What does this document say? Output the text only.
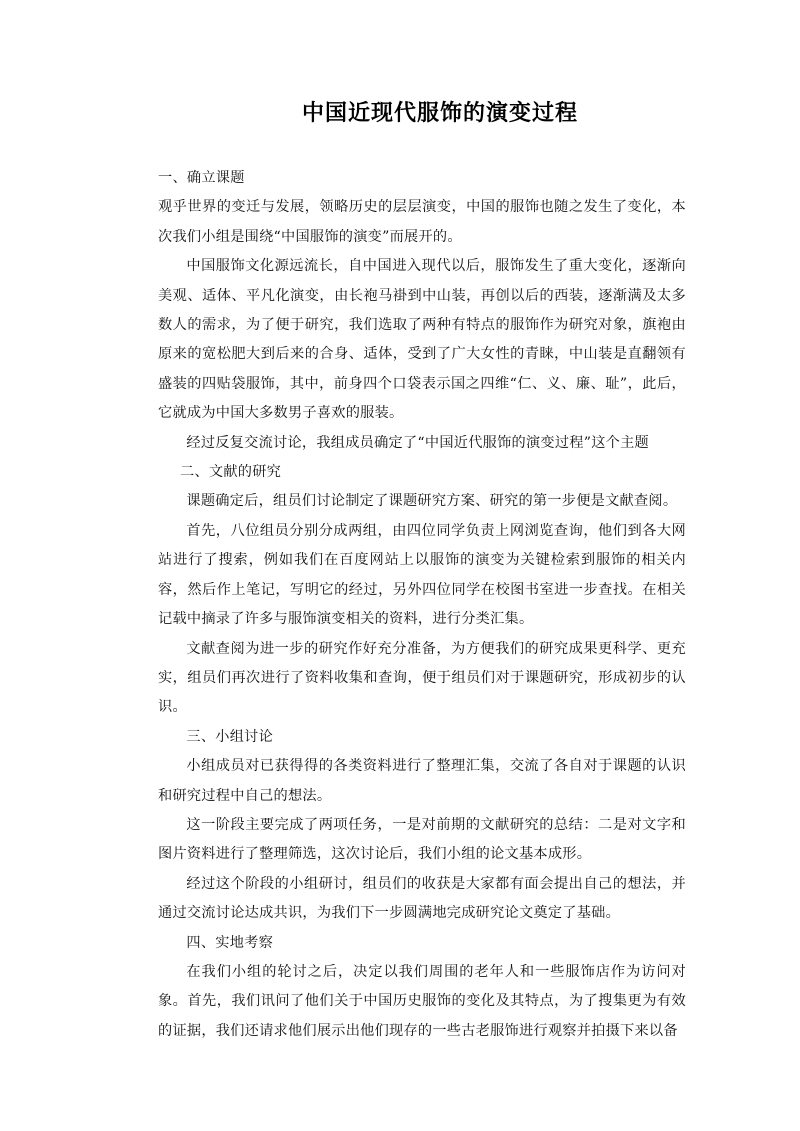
中国近现代服饰的演变过程

一、确立课题

观乎世界的变迁与发展，领略历史的层层演变，中国的服饰也随之发生了变化，本次我们小组是围绕“中国服饰的演变”而展开的。

中国服饰文化源远流长，自中国进入现代以后，服饰发生了重大变化，逐渐向美观、适体、平凡化演变，由长袍马褂到中山装，再创以后的西装，逐渐满及太多数人的需求，为了便于研究，我们选取了两种有特点的服饰作为研究对象，旗袍由原来的宽松肥大到后来的合身、适体，受到了广大女性的青睐，中山装是直翻领有盛装的四贴袋服饰，其中，前身四个口袋表示国之四维“仁、义、廉、耻”，此后，它就成为中国大多数男子喜欢的服装。

经过反复交流讨论，我组成员确定了“中国近代服饰的演变过程”这个主题

二、文献的研究

课题确定后，组员们讨论制定了课题研究方案、研究的第一步便是文献查阅。

首先，八位组员分别分成两组，由四位同学负责上网浏览查询，他们到各大网站进行了搜索，例如我们在百度网站上以服饰的演变为关键检索到服饰的相关内容，然后作上笔记，写明它的经过，另外四位同学在校图书室进一步查找。在相关记载中摘录了许多与服饰演变相关的资料，进行分类汇集。

文献查阅为进一步的研究作好充分准备，为方便我们的研究成果更科学、更充实，组员们再次进行了资料收集和查询，便于组员们对于课题研究，形成初步的认识。

三、小组讨论

小组成员对已获得得的各类资料进行了整理汇集，交流了各自对于课题的认识和研究过程中自己的想法。

这一阶段主要完成了两项任务，一是对前期的文献研究的总结：二是对文字和图片资料进行了整理筛选，这次讨论后，我们小组的论文基本成形。

经过这个阶段的小组研讨，组员们的收获是大家都有面会提出自己的想法，并通过交流讨论达成共识，为我们下一步圆满地完成研究论文奠定了基础。

四、实地考察

在我们小组的轮讨之后，决定以我们周围的老年人和一些服饰店作为访问对象。首先，我们讯问了他们关于中国历史服饰的变化及其特点，为了搜集更为有效的证据，我们还请求他们展示出他们现存的一些古老服饰进行观察并拍摄下来以备
